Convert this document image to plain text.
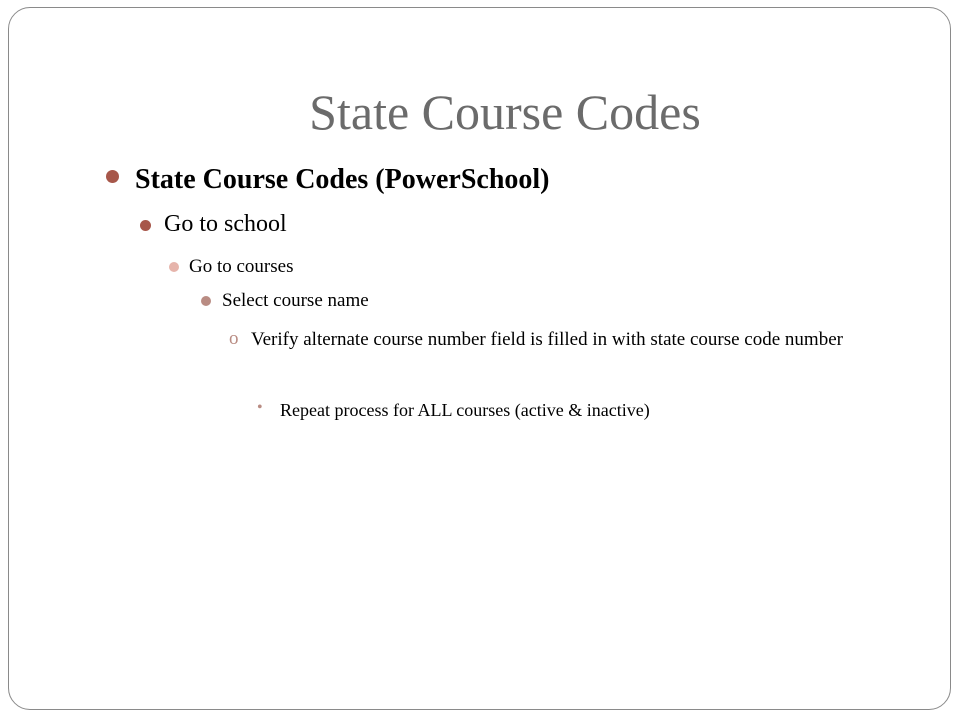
State Course Codes
State Course Codes (PowerSchool)
Go to school
Go to courses
Select course name
o Verify alternate course number field is filled in with state course code number
• Repeat process for ALL courses (active & inactive)
